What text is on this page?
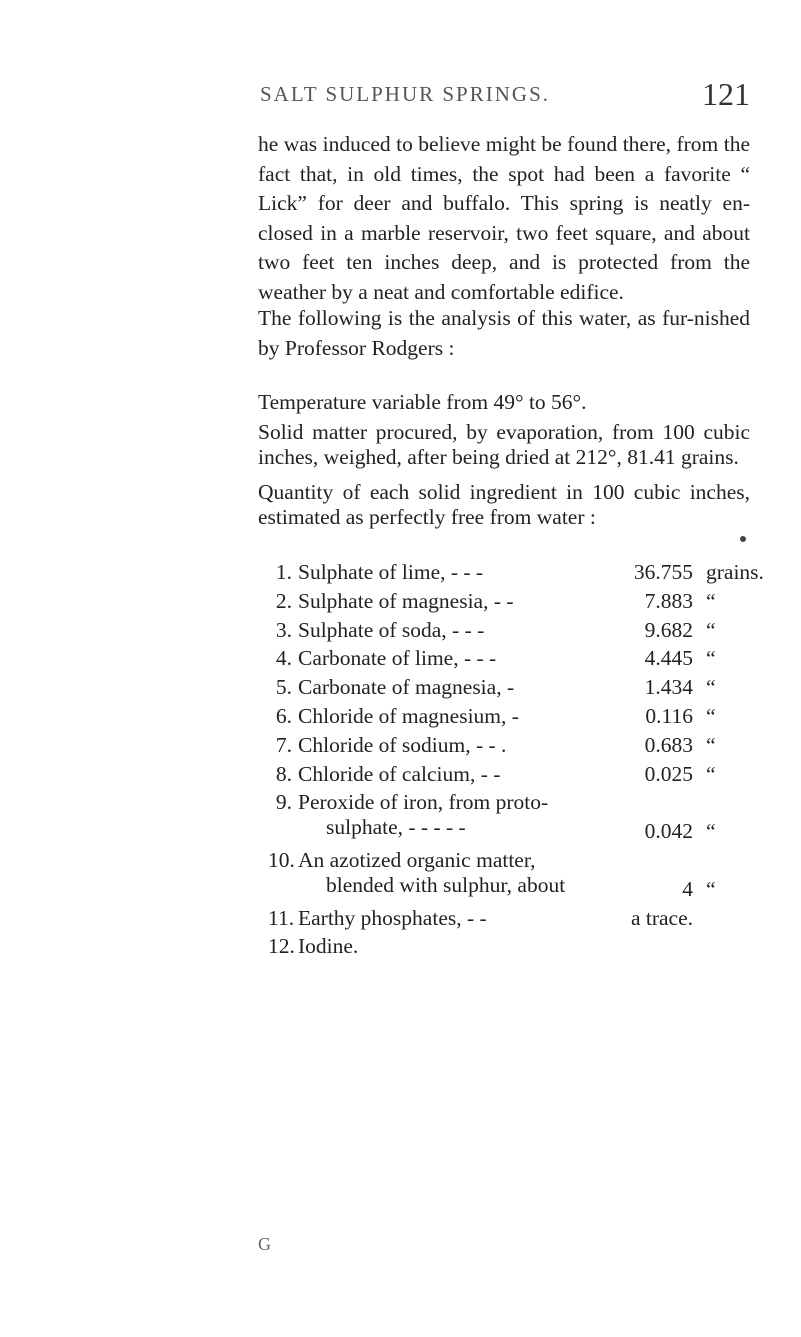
SALT SULPHUR SPRINGS.	121

he was induced to believe might be found there, from the fact that, in old times, the spot had been a favorite “ Lick” for deer and buffalo. This spring is neatly en-closed in a marble reservoir, two feet square, and about two feet ten inches deep, and is protected from the weather by a neat and comfortable edifice.

The following is the analysis of this water, as fur-nished by Professor Rodgers :

Temperature variable from 49° to 56°.

Solid matter procured, by evaporation, from 100 cubic inches, weighed, after being dried at 212°, 81.41 grains.

Quantity of each solid ingredient in 100 cubic inches, estimated as perfectly free from water :

1. Sulphate of lime, - - -	36.755 grains.
2. Sulphate of magnesia, - -	7.883 “
3. Sulphate of soda, - - -	9.682 “
4. Carbonate of lime, - - -	4.445 “
5. Carbonate of magnesia, -	1.434 “
6. Chloride of magnesium, -	0.116 “
7. Chloride of sodium, - - .	0.683 “
8. Chloride of calcium, - -	0.025 “
9. Peroxide of iron, from proto-
sulphate, - - - - -	0.042 “
10. An azotized organic matter,
blended with sulphur, about	4 “
11. Earthy phosphates, - -	a trace.
12. Iodine.
G
